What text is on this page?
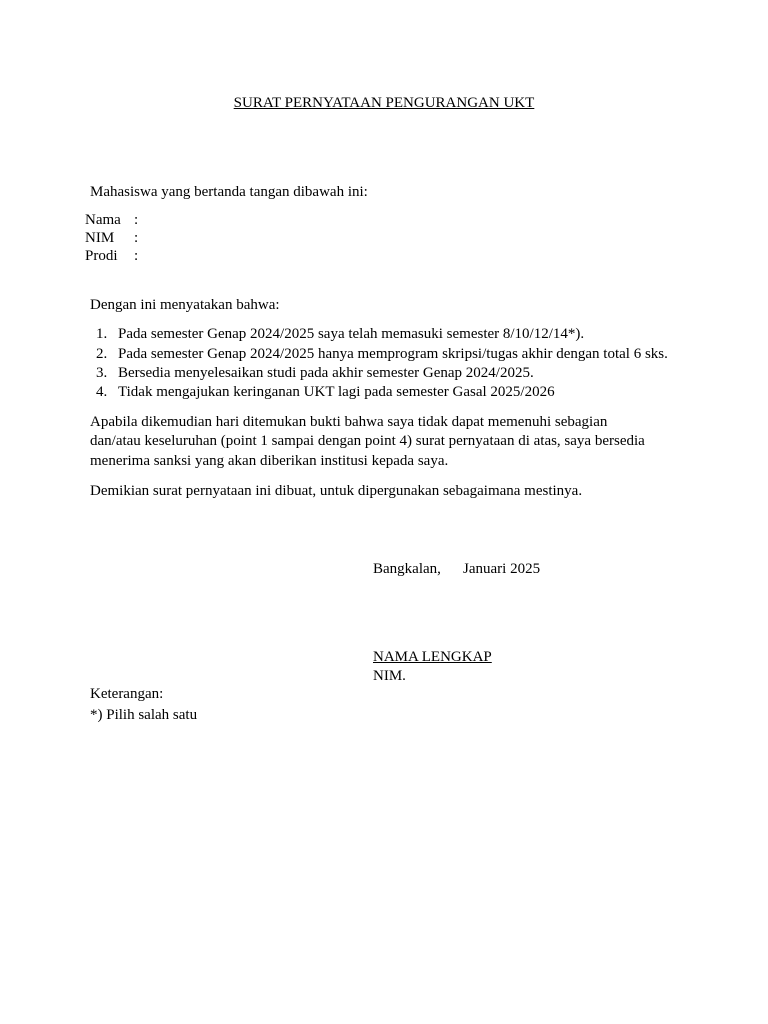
SURAT PERNYATAAN PENGURANGAN UKT
Mahasiswa yang bertanda tangan dibawah ini:
Nama :
NIM :
Prodi :
Dengan ini menyatakan bahwa:
1. Pada semester Genap 2024/2025 saya telah memasuki semester 8/10/12/14*).
2. Pada semester Genap 2024/2025 hanya memprogram skripsi/tugas akhir dengan total 6 sks.
3. Bersedia menyelesaikan studi pada akhir semester Genap 2024/2025.
4. Tidak mengajukan keringanan UKT lagi pada semester Gasal 2025/2026
Apabila dikemudian hari ditemukan bukti bahwa saya tidak dapat memenuhi sebagian
dan/atau keseluruhan (point 1 sampai dengan point 4) surat pernyataan di atas, saya bersedia
menerima sanksi yang akan diberikan institusi kepada saya.
Demikian surat pernyataan ini dibuat, untuk dipergunakan sebagaimana mestinya.
Bangkalan, Januari 2025
NAMA LENGKAP
NIM.
Keterangan:
*) Pilih salah satu
